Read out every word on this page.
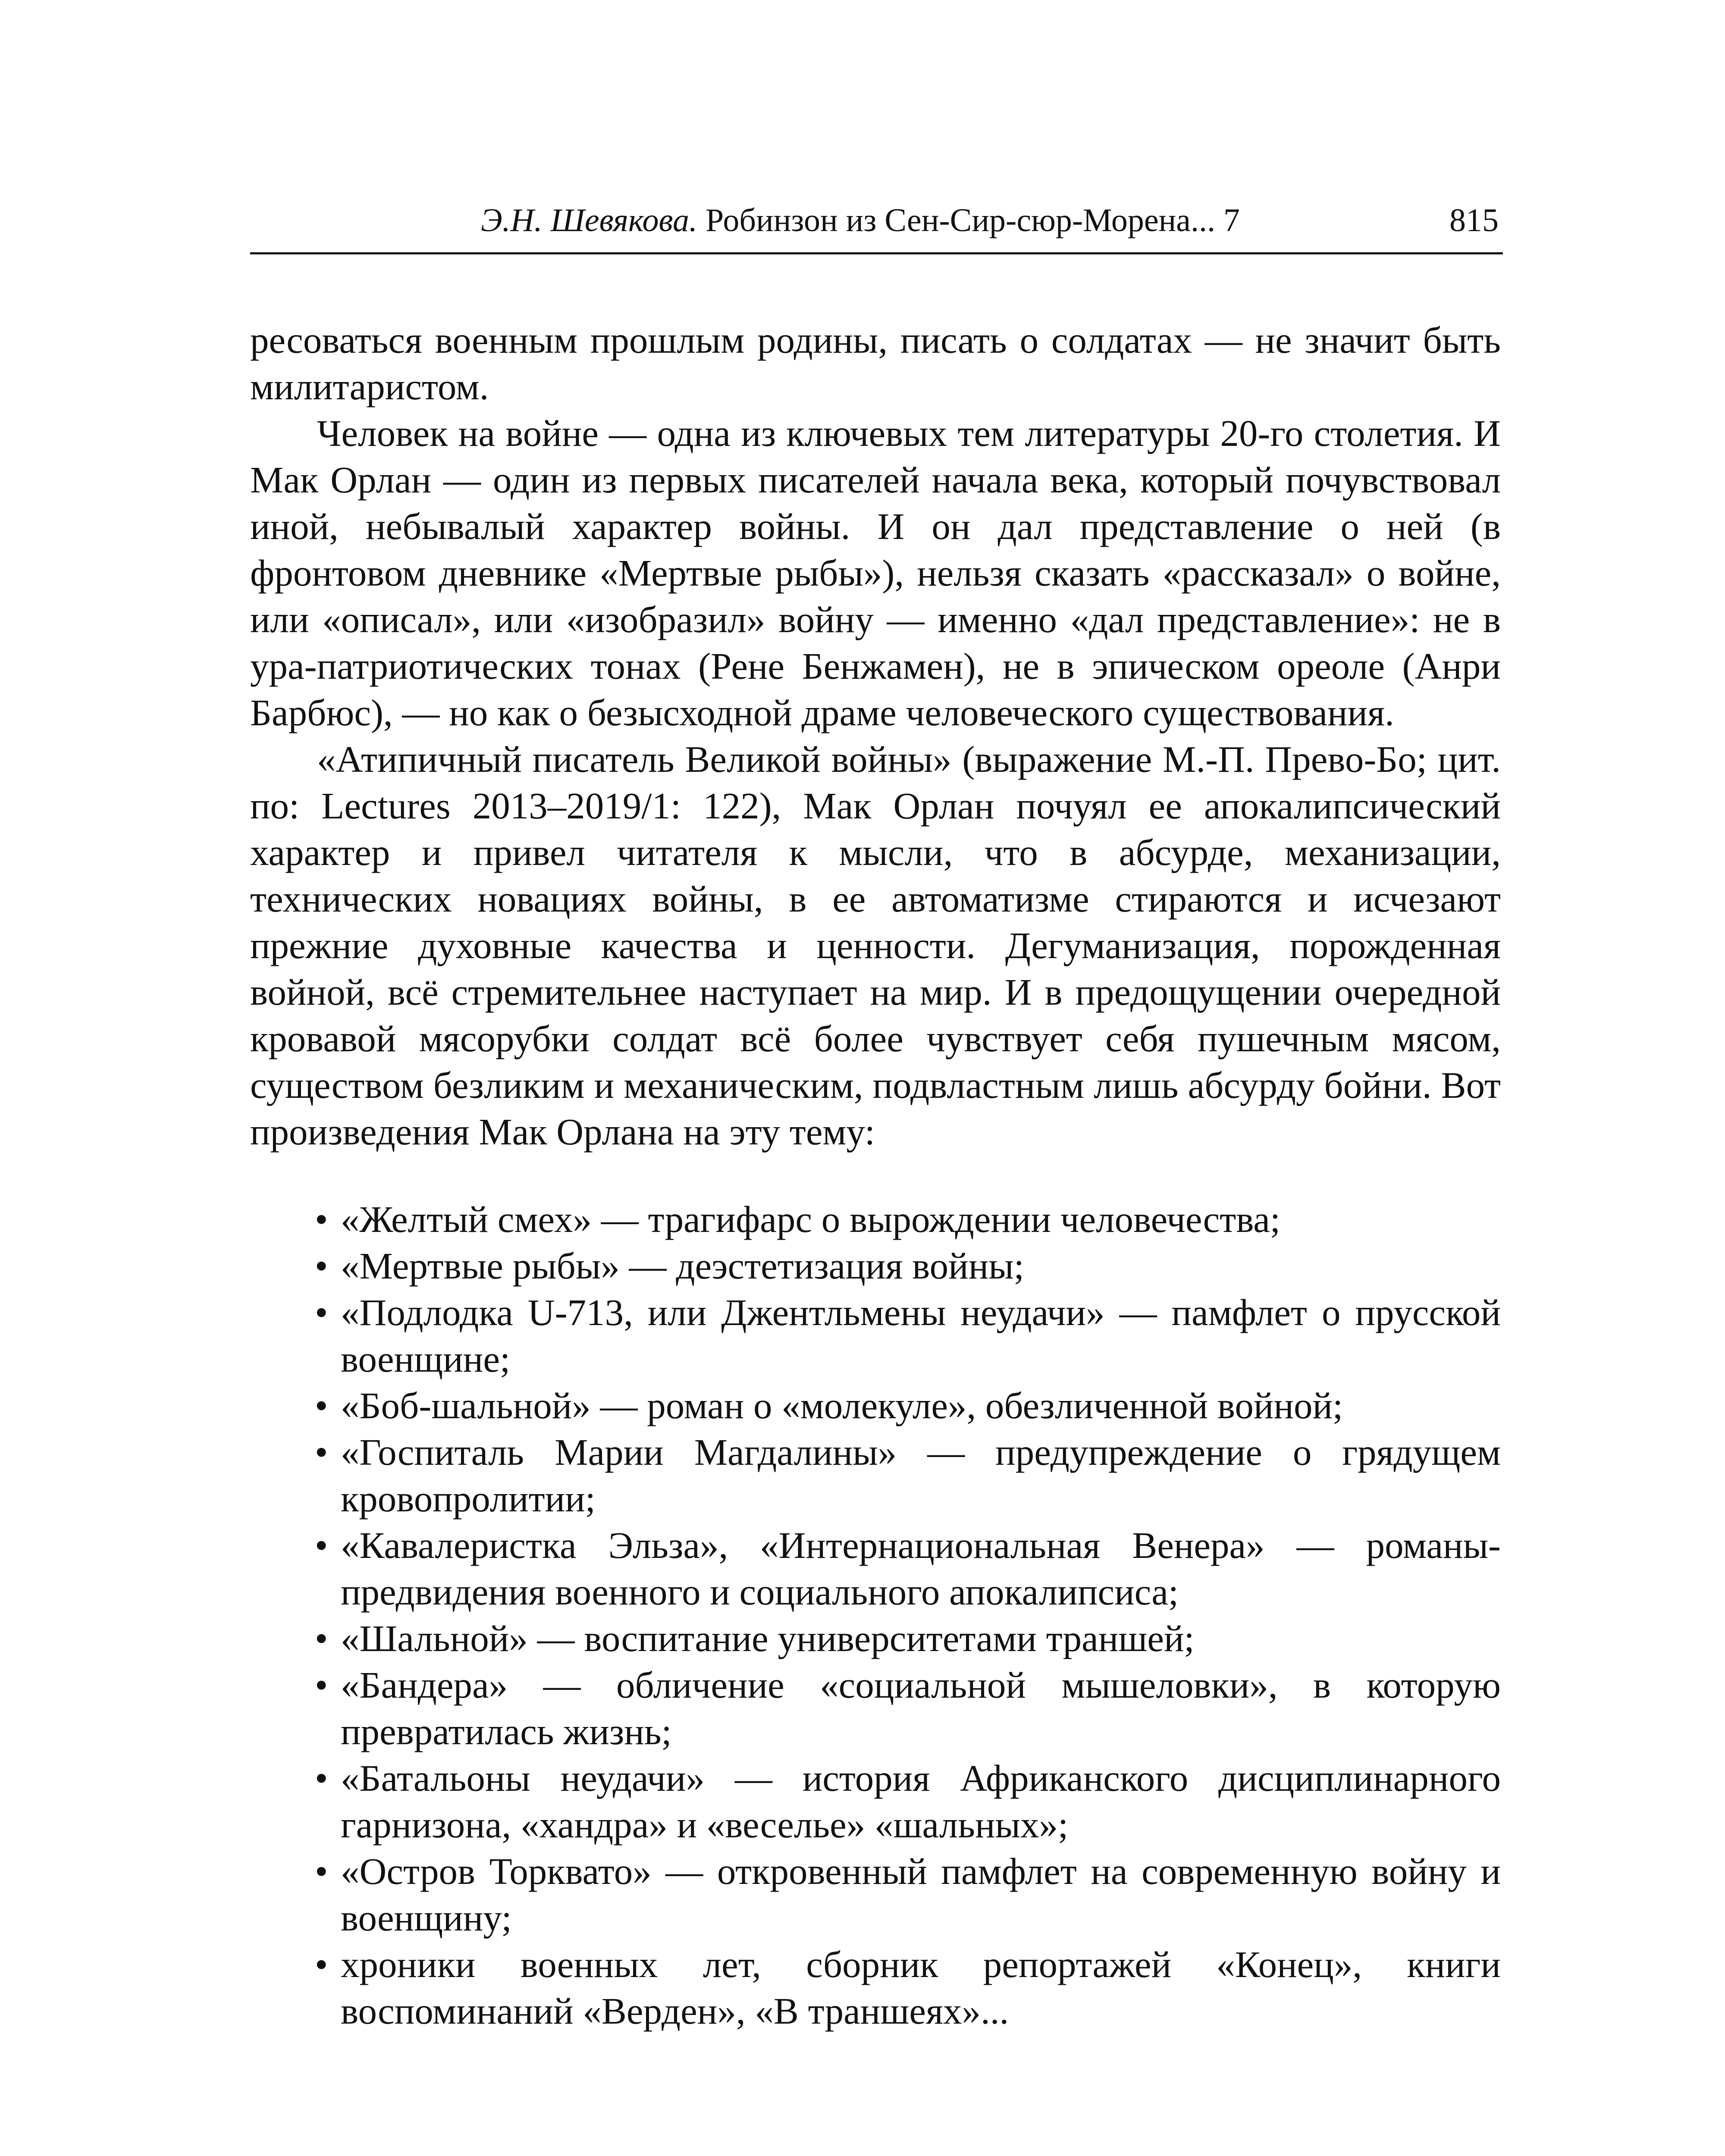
Э.Н. Шевякова. Робинзон из Сен-Сир-сюр-Морена... 7	815

ресоваться военным прошлым родины, писать о солдатах — не значит быть милитаристом.

Человек на войне — одна из ключевых тем литературы 20-го столетия. И Мак Орлан — один из первых писателей начала века, который почувствовал иной, небывалый характер войны. И он дал представление о ней (в фронтовом дневнике «Мертвые рыбы»), нельзя сказать «рассказал» о войне, или «описал», или «изобразил» войну — именно «дал представление»: не в ура-патриотических тонах (Рене Бенжамен), не в эпическом ореоле (Анри Барбюс), — но как о безысходной драме человеческого существования.

«Атипичный писатель Великой войны» (выражение М.-П. Прево-Бо; цит. по: Lectures 2013–2019/1: 122), Мак Орлан почуял ее апокалипсический характер и привел читателя к мысли, что в абсурде, механизации, технических новациях войны, в ее автоматизме стираются и исчезают прежние духовные качества и ценности. Дегуманизация, порожденная войной, всё стремительнее наступает на мир. И в предощущении очередной кровавой мясорубки солдат всё более чувствует себя пушечным мясом, существом безликим и механическим, подвластным лишь абсурду бойни. Вот произведения Мак Орлана на эту тему:

• «Желтый смех» — трагифарс о вырождении человечества;
• «Мертвые рыбы» — деэстетизация войны;
• «Подлодка U-713, или Джентльмены неудачи» — памфлет о прусской военщине;
• «Боб-шальной» — роман о «молекуле», обезличенной войной;
• «Госпиталь Марии Магдалины» — предупреждение о грядущем кровопролитии;
• «Кавалеристка Эльза», «Интернациональная Венера» — романы-предвидения военного и социального апокалипсиса;
• «Шальной» — воспитание университетами траншей;
• «Бандера» — обличение «социальной мышеловки», в которую превратилась жизнь;
• «Батальоны неудачи» — история Африканского дисциплинарного гарнизона, «хандра» и «веселье» «шальных»;
• «Остров Торквато» — откровенный памфлет на современную войну и военщину;
• хроники военных лет, сборник репортажей «Конец», книги воспоминаний «Верден», «В траншеях»...
